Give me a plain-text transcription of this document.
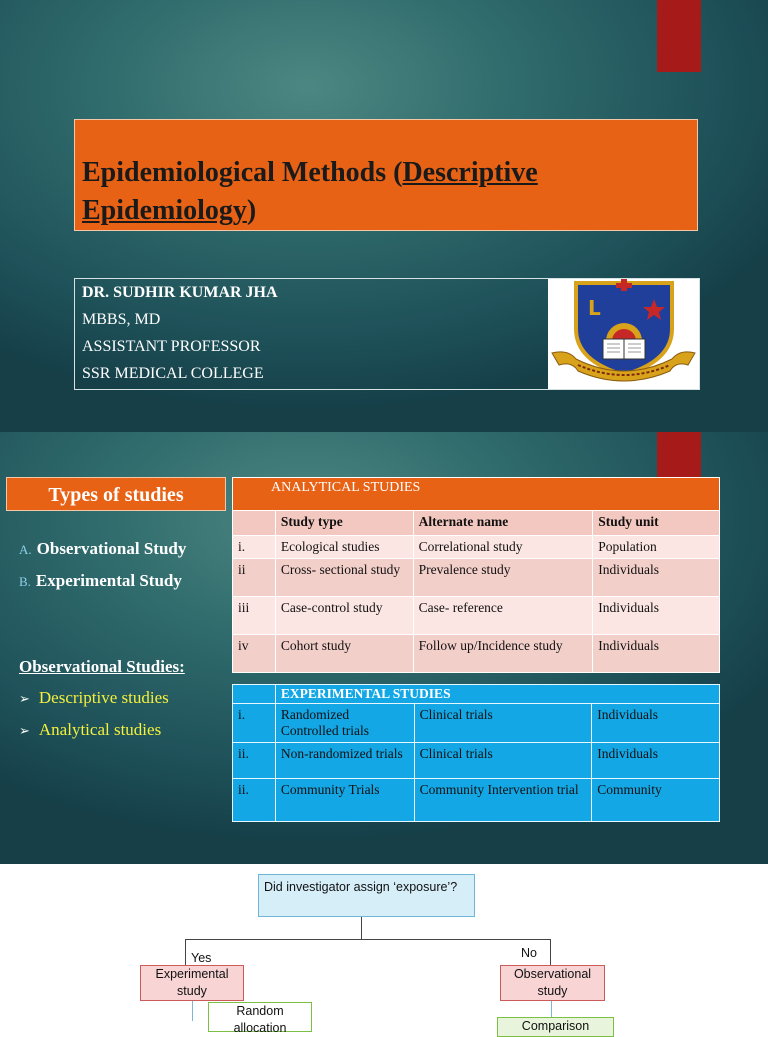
Epidemiological Methods (Descriptive
Epidemiology)
DR. SUDHIR KUMAR JHA
MBBS, MD
ASSISTANT PROFESSOR
SSR MEDICAL COLLEGE
L
Types of studies
A. Observational Study
B. Experimental Study
Observational Studies:
➢ Descriptive studies
➢ Analytical studies
ANALYTICAL STUDIES			
	Study type	Alternate name	Study unit
i.	Ecological studies	Correlational study	Population
ii	Cross- sectional study	Prevalence study	Individuals
iii	Case-control study	Case- reference	Individuals
iv	Cohort study	Follow up/Incidence study	Individuals
	EXPERIMENTAL STUDIES		
i.	Randomized Controlled trials	Clinical trials	Individuals
ii.	Non-randomized trials	Clinical trials	Individuals
ii.	Community Trials	Community Intervention trial	Community
Did investigator assign ‘exposure’?
Yes	No
Experimental study
Observational study
Random allocation	Comparison
